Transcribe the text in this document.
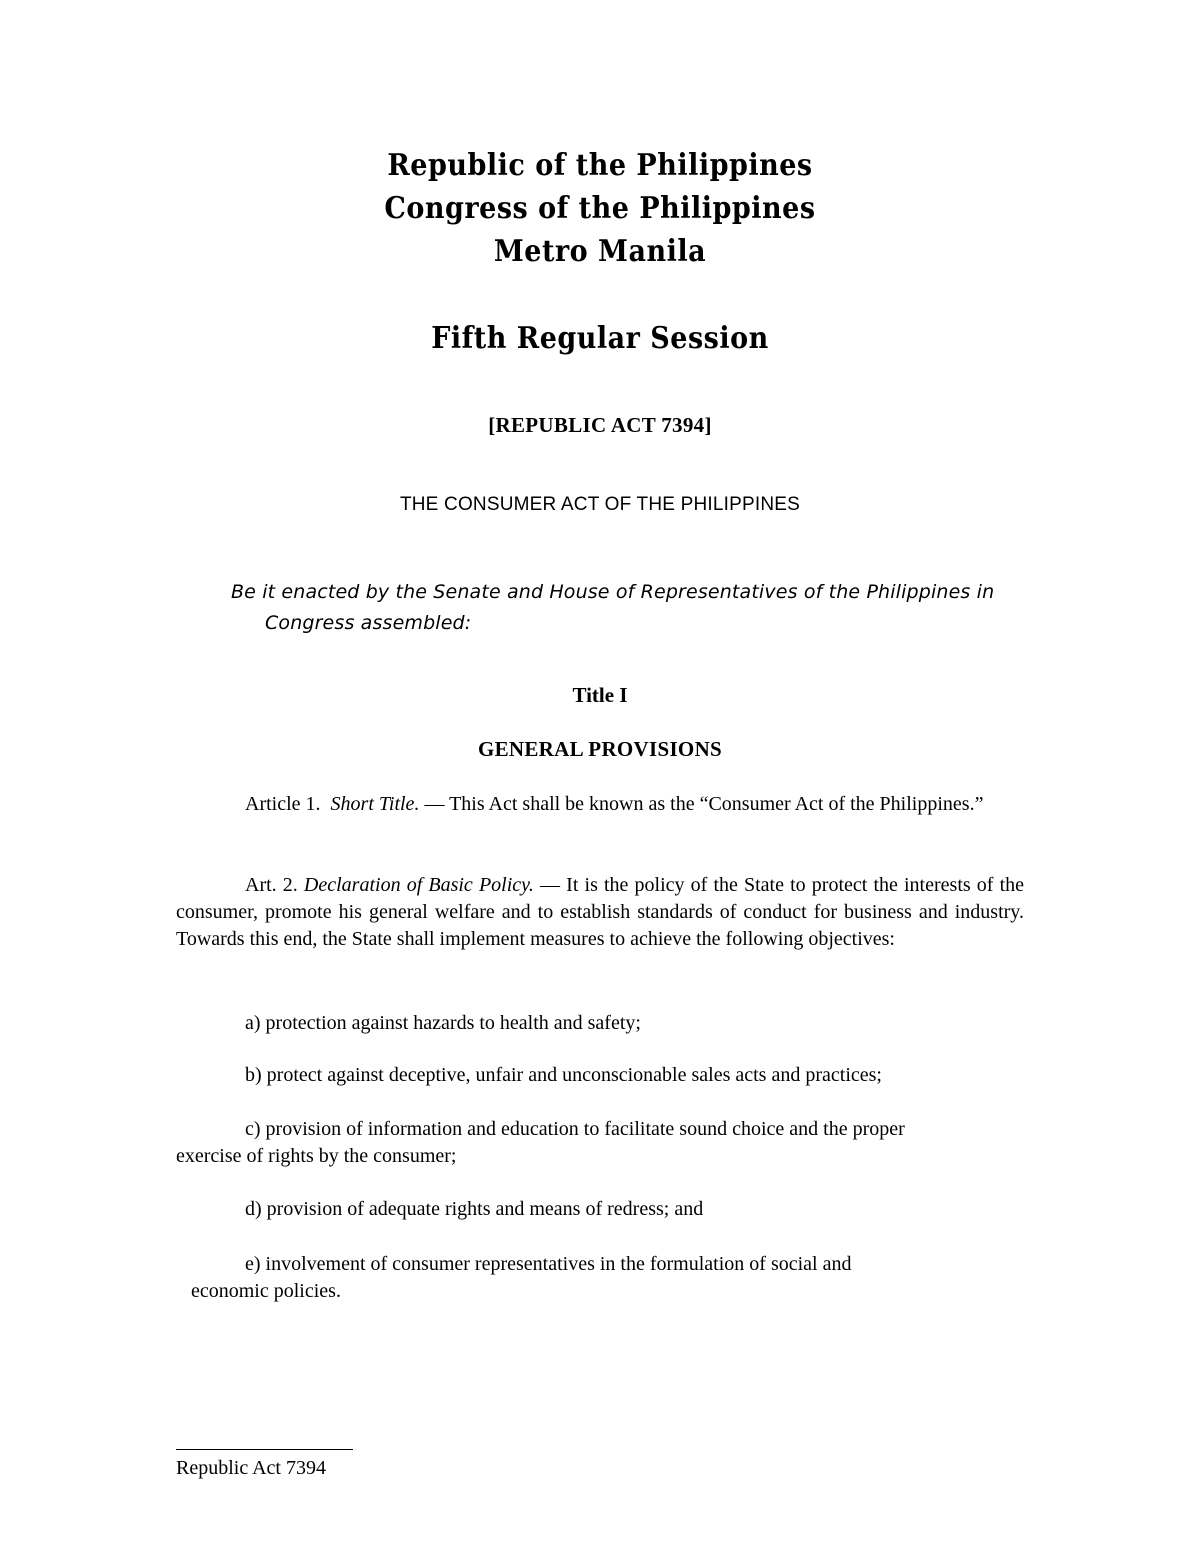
Republic of the Philippines
Congress of the Philippines
Metro Manila
Fifth Regular Session
[REPUBLIC ACT 7394]
THE CONSUMER ACT OF THE PHILIPPINES
Be it enacted by the Senate and House of Representatives of the Philippines in
Congress assembled:
Title I
GENERAL PROVISIONS
Article 1. Short Title. — This Act shall be known as the “Consumer Act of the Philippines.”
Art. 2. Declaration of Basic Policy. — It is the policy of the State to protect the interests of the consumer, promote his general welfare and to establish standards of conduct for business and industry. Towards this end, the State shall implement measures to achieve the following objectives:
a) protection against hazards to health and safety;
b) protect against deceptive, unfair and unconscionable sales acts and practices;
c) provision of information and education to facilitate sound choice and the proper
exercise of rights by the consumer;
d) provision of adequate rights and means of redress; and
e) involvement of consumer representatives in the formulation of social and
economic policies.
Republic Act 7394
